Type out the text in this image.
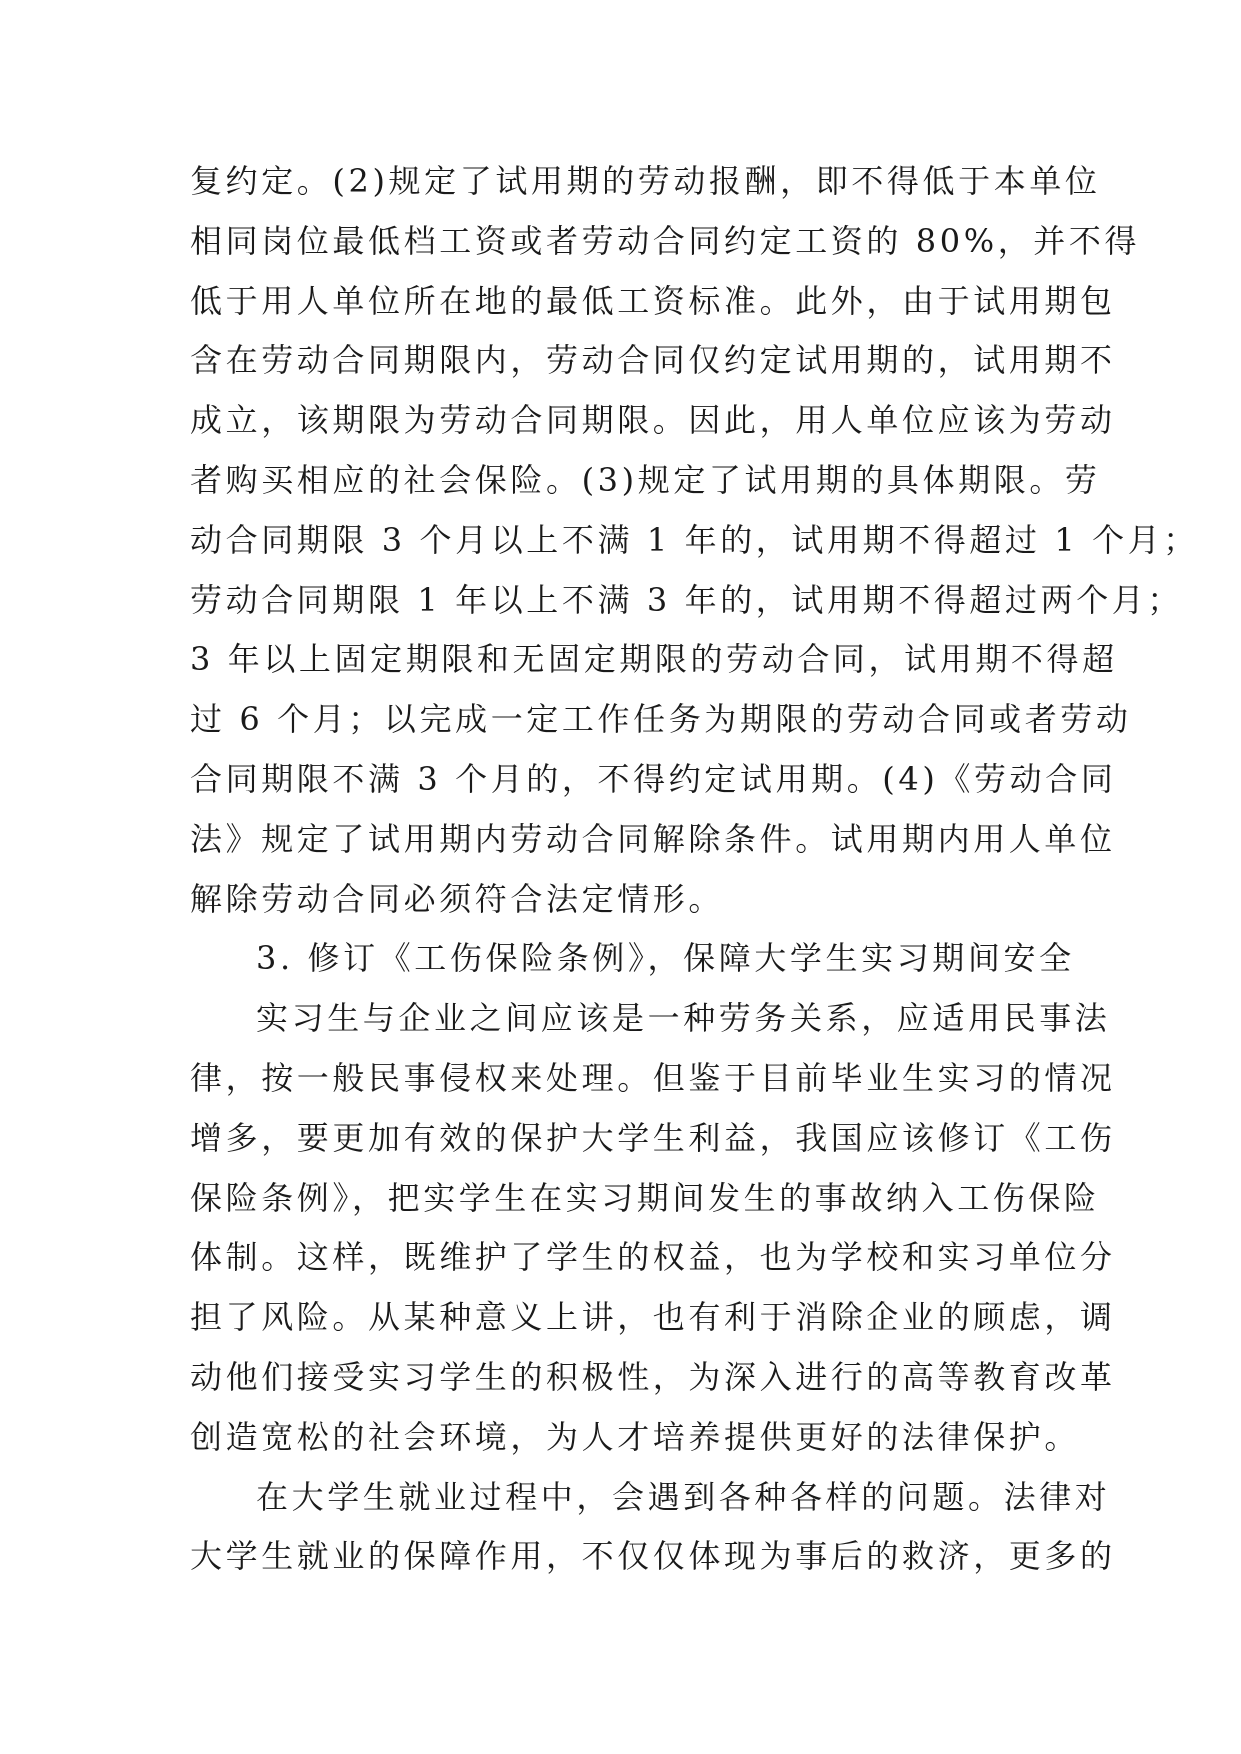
复约定。(2)规定了试用期的劳动报酬，即不得低于本单位
相同岗位最低档工资或者劳动合同约定工资的 80%，并不得
低于用人单位所在地的最低工资标准。此外，由于试用期包
含在劳动合同期限内，劳动合同仅约定试用期的，试用期不
成立，该期限为劳动合同期限。因此，用人单位应该为劳动
者购买相应的社会保险。(3)规定了试用期的具体期限。劳
动合同期限 3 个月以上不满 1 年的，试用期不得超过 1 个月；
劳动合同期限 1 年以上不满 3 年的，试用期不得超过两个月；
3 年以上固定期限和无固定期限的劳动合同，试用期不得超
过 6 个月；以完成一定工作任务为期限的劳动合同或者劳动
合同期限不满 3 个月的，不得约定试用期。(4)《劳动合同
法》规定了试用期内劳动合同解除条件。试用期内用人单位
解除劳动合同必须符合法定情形。
3. 修订《工伤保险条例》，保障大学生实习期间安全
实习生与企业之间应该是一种劳务关系，应适用民事法
律，按一般民事侵权来处理。但鉴于目前毕业生实习的情况
增多，要更加有效的保护大学生利益，我国应该修订《工伤
保险条例》，把实学生在实习期间发生的事故纳入工伤保险
体制。这样，既维护了学生的权益，也为学校和实习单位分
担了风险。从某种意义上讲，也有利于消除企业的顾虑，调
动他们接受实习学生的积极性，为深入进行的高等教育改革
创造宽松的社会环境，为人才培养提供更好的法律保护。
在大学生就业过程中，会遇到各种各样的问题。法律对
大学生就业的保障作用，不仅仅体现为事后的救济，更多的
